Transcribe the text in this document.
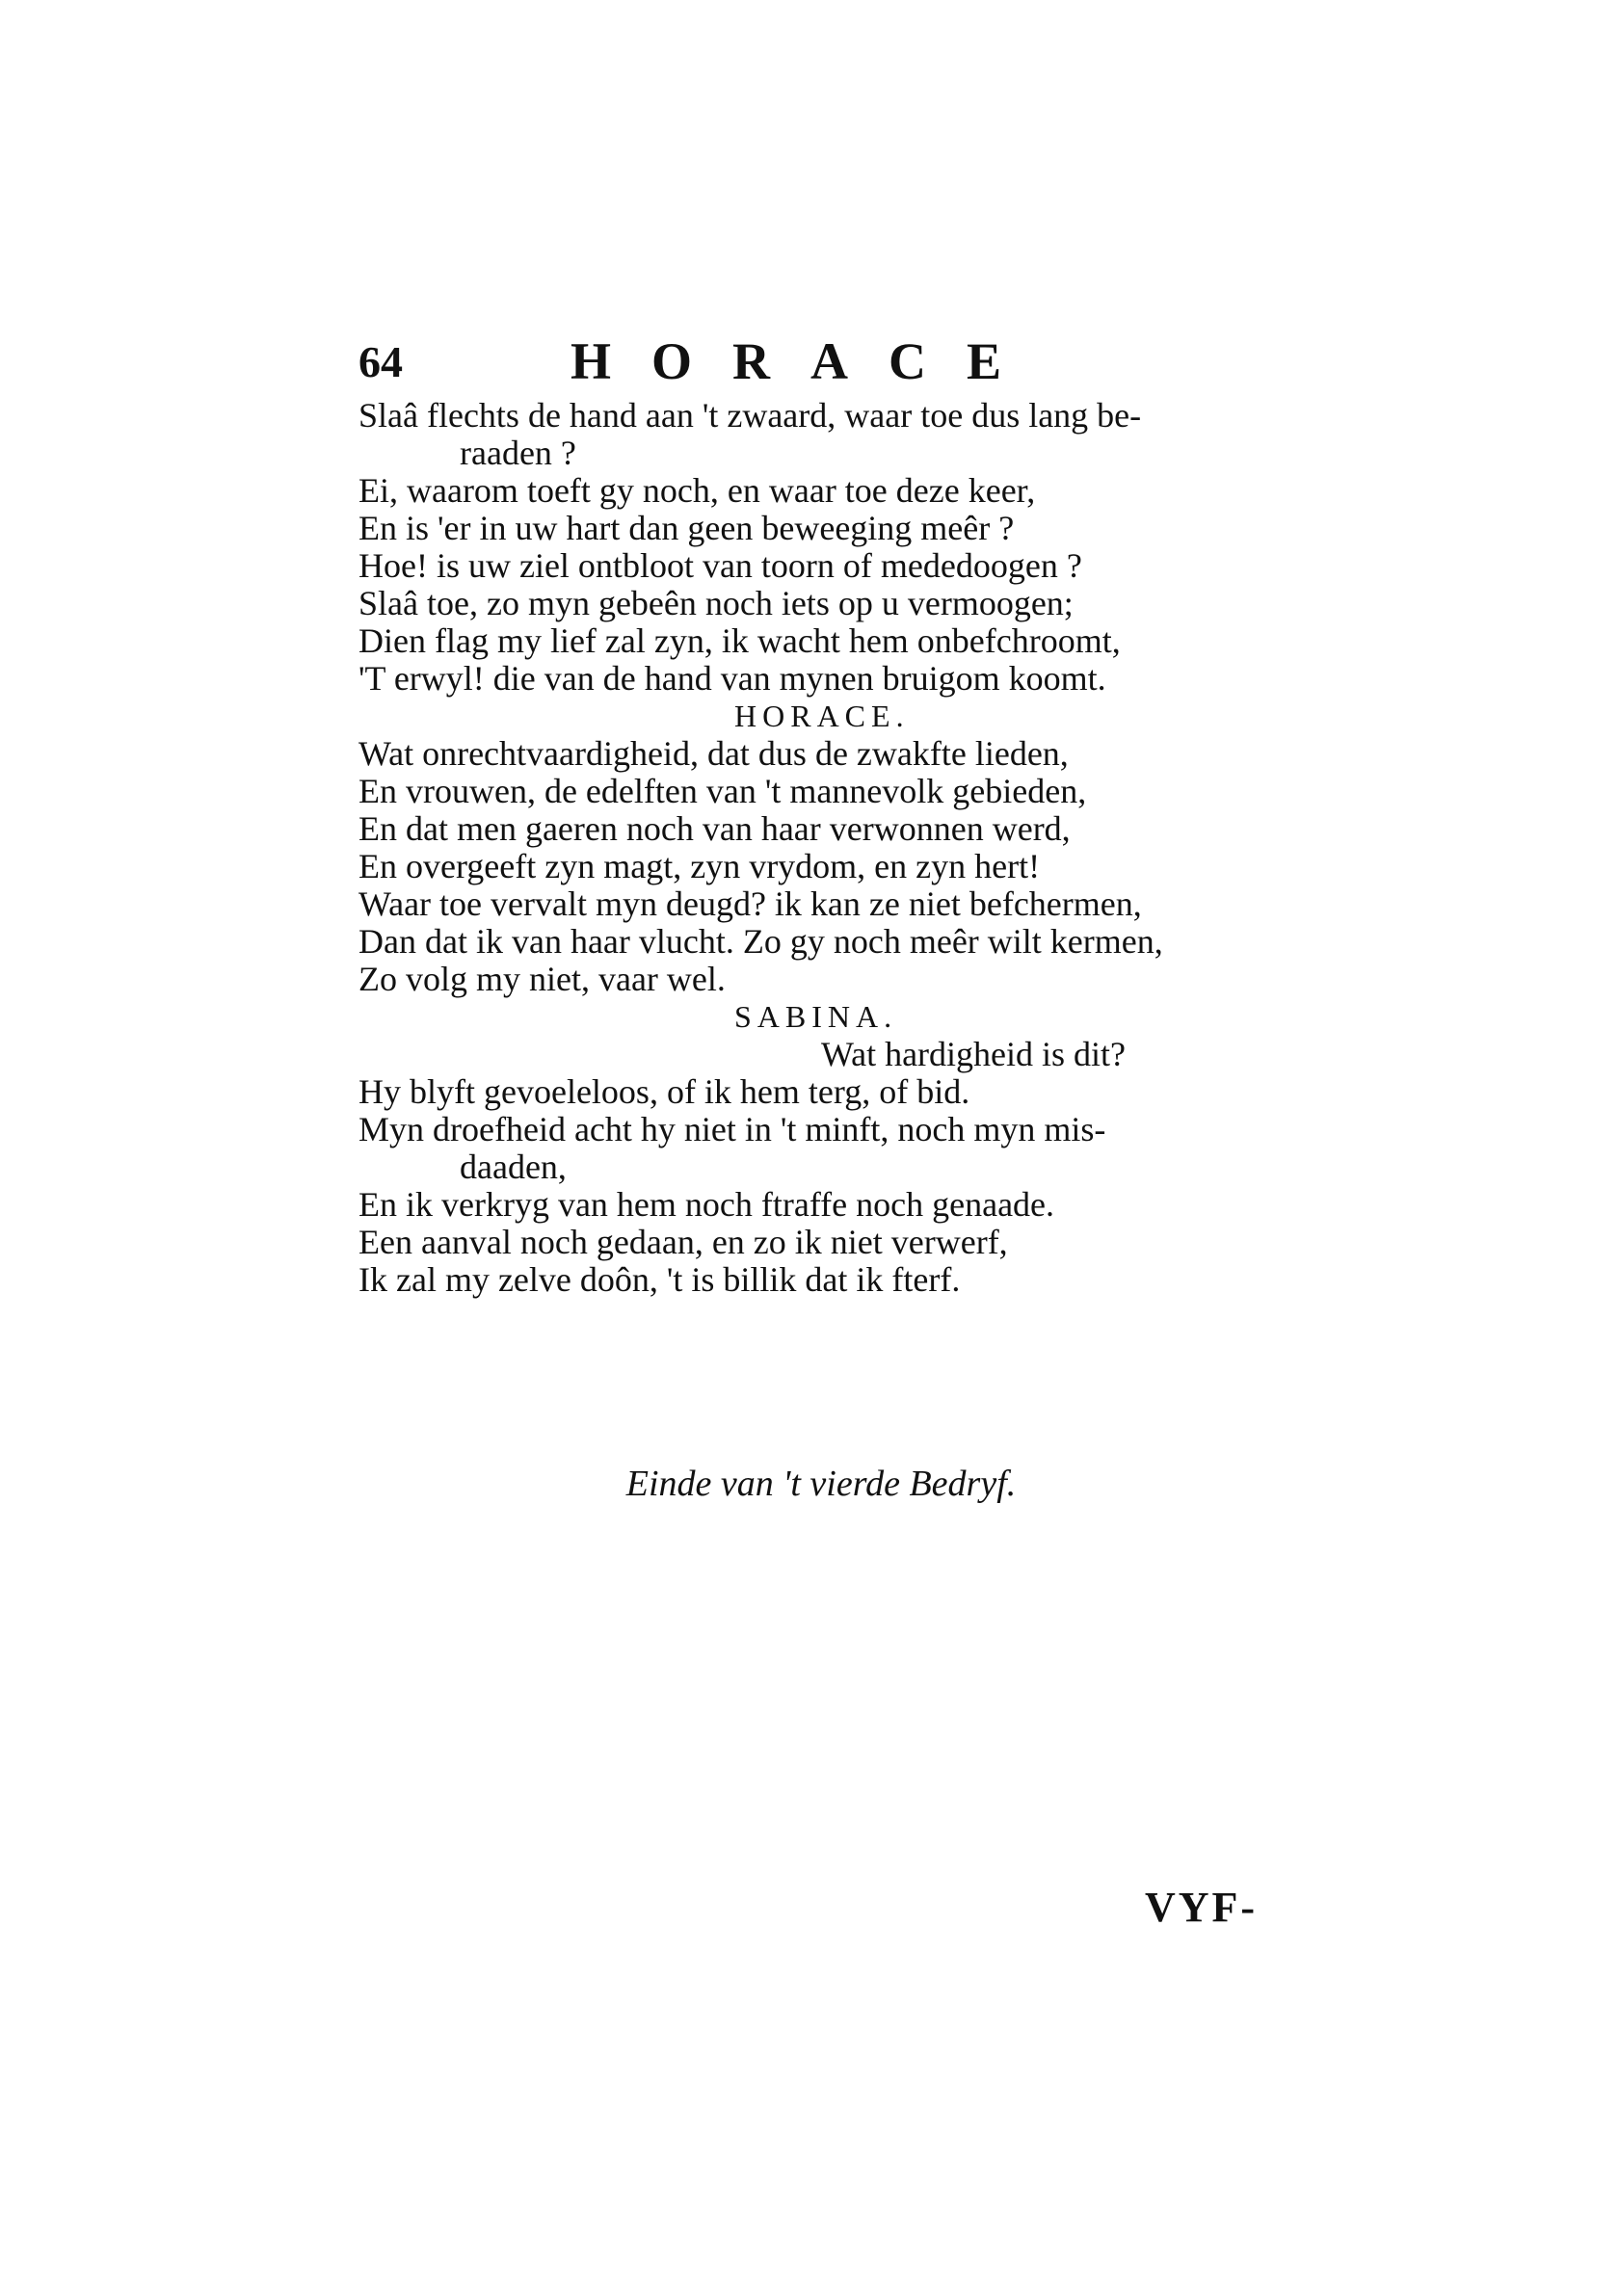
64	HORACE
Slaâ flechts de hand aan 't zwaard, waar toe dus lang be-
raaden ?
Ei, waarom toeft gy noch, en waar toe deze keer,
En is 'er in uw hart dan geen beweeging meêr ?
Hoe! is uw ziel ontbloot van toorn of mededoogen ?
Slaâ toe, zo myn gebeên noch iets op u vermoogen;
Dien flag my lief zal zyn, ik wacht hem onbefchroomt,
'T erwyl! die van de hand van mynen bruigom koomt.
HORACE.
Wat onrechtvaardigheid, dat dus de zwakfte lieden,
En vrouwen, de edelften van 't mannevolk gebieden,
En dat men gaeren noch van haar verwonnen werd,
En overgeeft zyn magt, zyn vrydom, en zyn hert!
Waar toe vervalt myn deugd? ik kan ze niet befchermen,
Dan dat ik van haar vlucht. Zo gy noch meêr wilt kermen,
Zo volg my niet, vaar wel.
SABINA.
Wat hardigheid is dit?
Hy blyft gevoeleloos, of ik hem terg, of bid.
Myn droefheid acht hy niet in 't minft, noch myn mis-
daaden,
En ik verkryg van hem noch ftraffe noch genaade.
Een aanval noch gedaan, en zo ik niet verwerf,
Ik zal my zelve doôn, 't is billik dat ik fterf.
Einde van 't vierde Bedryf.
VYF-
